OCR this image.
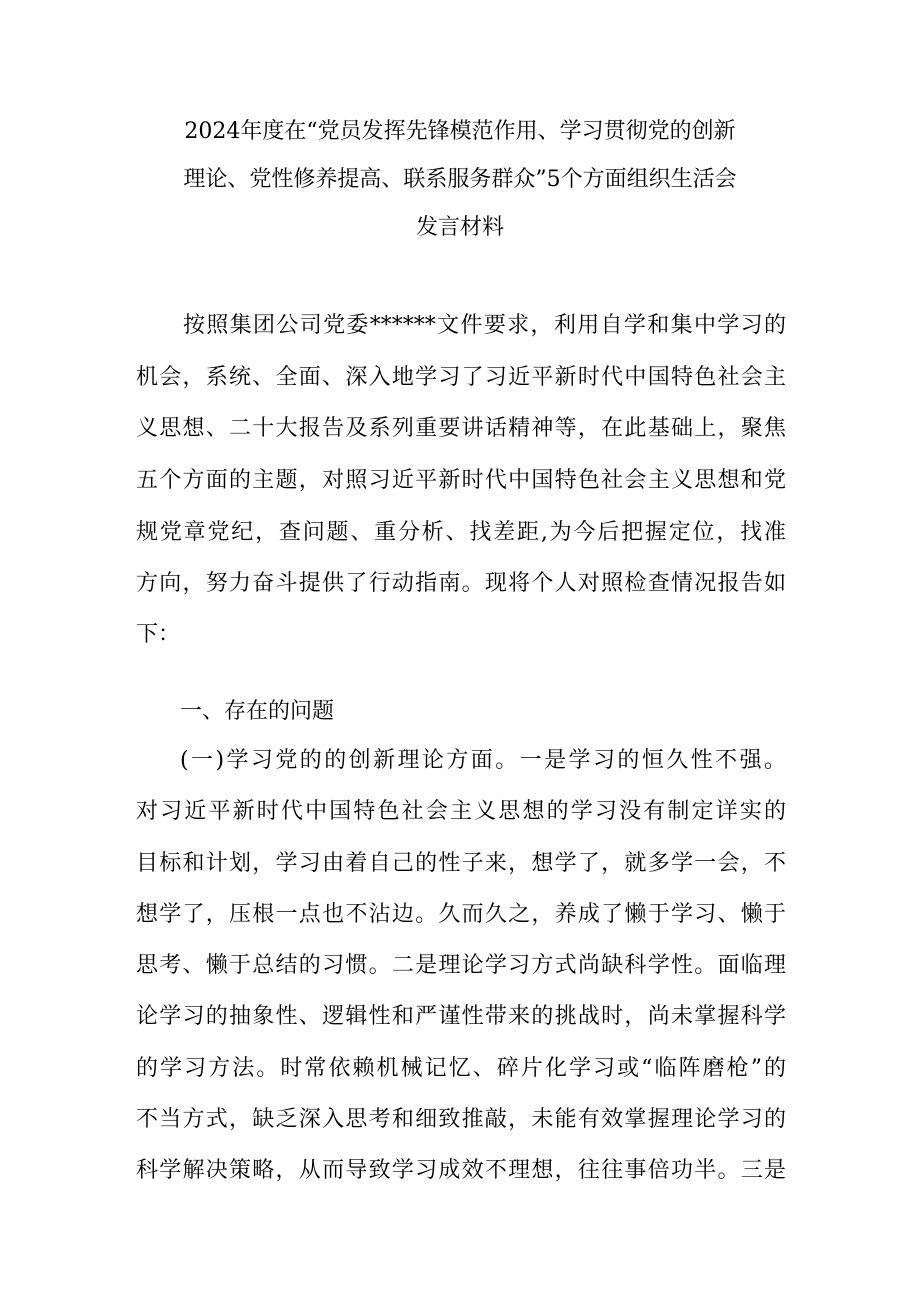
2024年度在“党员发挥先锋模范作用、学习贯彻党的创新
理论、党性修养提高、联系服务群众”5个方面组织生活会
发言材料
按照集团公司党委******文件要求，利用自学和集中学习的
机会，系统、全面、深入地学习了习近平新时代中国特色社会主
义思想、二十大报告及系列重要讲话精神等，在此基础上，聚焦
五个方面的主题，对照习近平新时代中国特色社会主义思想和党
规党章党纪，查问题、重分析、找差距,为今后把握定位，找准
方向，努力奋斗提供了行动指南。现将个人对照检查情况报告如
下：
一、存在的问题
(一)学习党的的创新理论方面。一是学习的恒久性不强。
对习近平新时代中国特色社会主义思想的学习没有制定详实的
目标和计划，学习由着自己的性子来，想学了，就多学一会，不
想学了，压根一点也不沾边。久而久之，养成了懒于学习、懒于
思考、懒于总结的习惯。二是理论学习方式尚缺科学性。面临理
论学习的抽象性、逻辑性和严谨性带来的挑战时，尚未掌握科学
的学习方法。时常依赖机械记忆、碎片化学习或“临阵磨枪”的
不当方式，缺乏深入思考和细致推敲，未能有效掌握理论学习的
科学解决策略，从而导致学习成效不理想，往往事倍功半。三是
